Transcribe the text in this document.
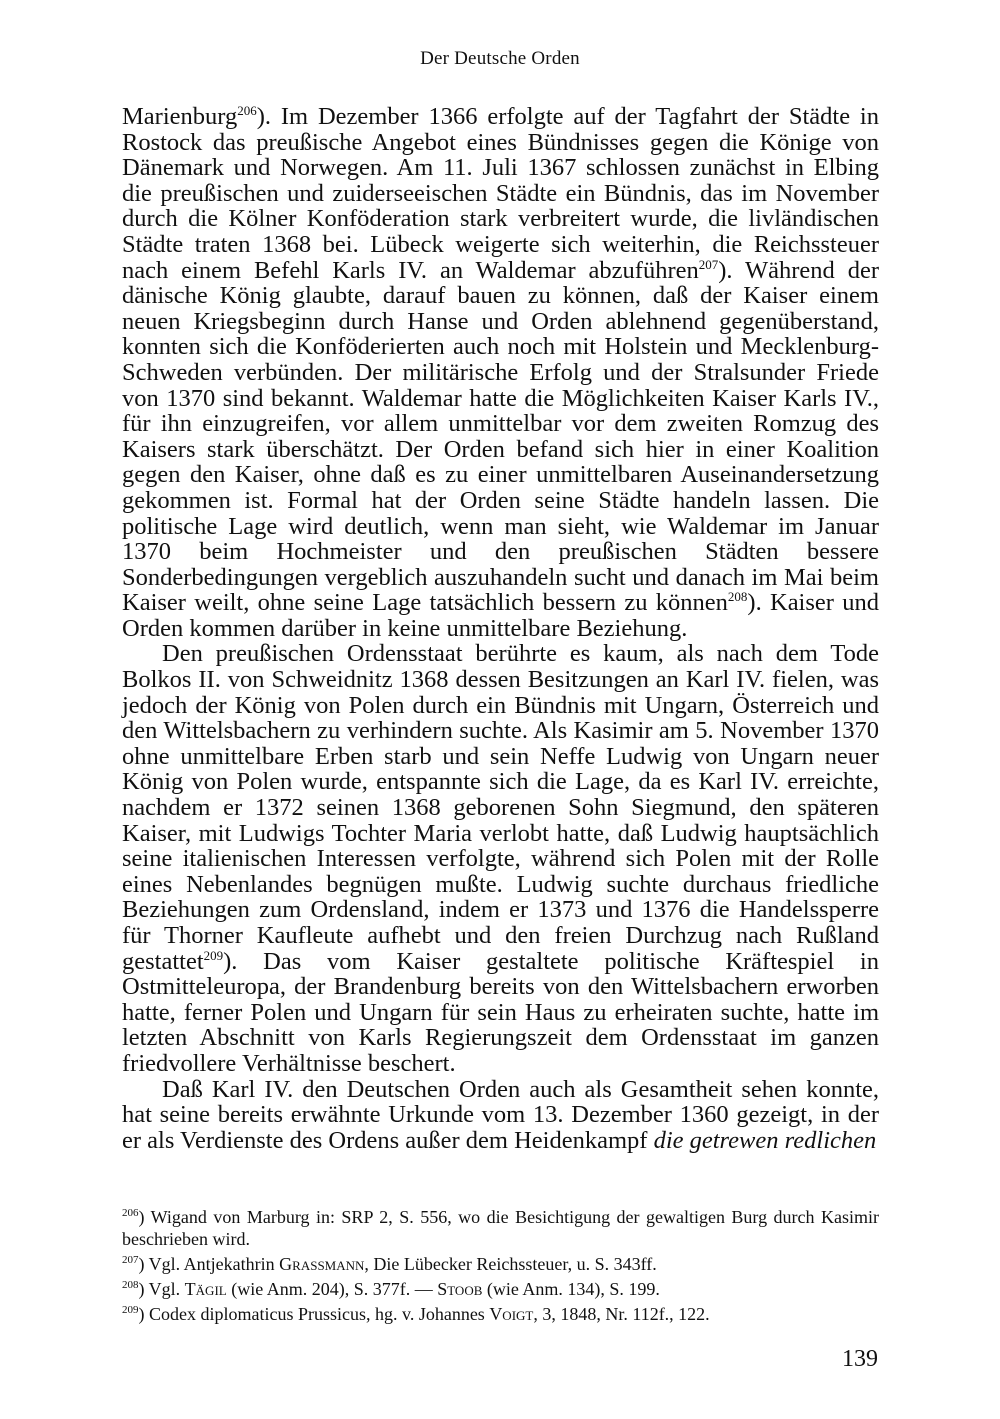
Der Deutsche Orden

Marienburg$^{206}$). Im Dezember 1366 erfolgte auf der Tagfahrt der Städte in Rostock das preußische Angebot eines Bündnisses gegen die Könige von Dänemark und Norwegen. Am 11. Juli 1367 schlossen zunächst in Elbing die preußischen und zuiderseeischen Städte ein Bündnis, das im November durch die Kölner Konföderation stark verbreitert wurde, die livländischen Städte traten 1368 bei. Lübeck weigerte sich weiterhin, die Reichssteuer nach einem Befehl Karls IV. an Waldemar abzuführen$^{207}$). Während der dänische König glaubte, darauf bauen zu können, daß der Kaiser einem neuen Kriegsbeginn durch Hanse und Orden ablehnend gegenüberstand, konnten sich die Konföderierten auch noch mit Holstein und Mecklenburg-Schweden verbünden. Der militärische Erfolg und der Stralsunder Friede von 1370 sind bekannt. Waldemar hatte die Möglichkeiten Kaiser Karls IV., für ihn einzugreifen, vor allem unmittelbar vor dem zweiten Romzug des Kaisers stark überschätzt. Der Orden befand sich hier in einer Koalition gegen den Kaiser, ohne daß es zu einer unmittelbaren Auseinandersetzung gekommen ist. Formal hat der Orden seine Städte handeln lassen. Die politische Lage wird deutlich, wenn man sieht, wie Waldemar im Januar 1370 beim Hochmeister und den preußischen Städten bessere Sonderbedingungen vergeblich auszuhandeln sucht und danach im Mai beim Kaiser weilt, ohne seine Lage tatsächlich bessern zu können$^{208}$). Kaiser und Orden kommen darüber in keine unmittelbare Beziehung.

Den preußischen Ordensstaat berührte es kaum, als nach dem Tode Bolkos II. von Schweidnitz 1368 dessen Besitzungen an Karl IV. fielen, was jedoch der König von Polen durch ein Bündnis mit Ungarn, Österreich und den Wittelsbachern zu verhindern suchte. Als Kasimir am 5. November 1370 ohne unmittelbare Erben starb und sein Neffe Ludwig von Ungarn neuer König von Polen wurde, entspannte sich die Lage, da es Karl IV. erreichte, nachdem er 1372 seinen 1368 geborenen Sohn Siegmund, den späteren Kaiser, mit Ludwigs Tochter Maria verlobt hatte, daß Ludwig hauptsächlich seine italienischen Interessen verfolgte, während sich Polen mit der Rolle eines Nebenlandes begnügen mußte. Ludwig suchte durchaus friedliche Beziehungen zum Ordensland, indem er 1373 und 1376 die Handelssperre für Thorner Kaufleute aufhebt und den freien Durchzug nach Rußland gestattet$^{209}$). Das vom Kaiser gestaltete politische Kräftespiel in Ostmitteleuropa, der Brandenburg bereits von den Wittelsbachern erworben hatte, ferner Polen und Ungarn für sein Haus zu erheiraten suchte, hatte im letzten Abschnitt von Karls Regierungszeit dem Ordensstaat im ganzen friedvollere Verhältnisse beschert.

Daß Karl IV. den Deutschen Orden auch als Gesamtheit sehen konnte, hat seine bereits erwähnte Urkunde vom 13. Dezember 1360 gezeigt, in der er als Verdienste des Ordens außer dem Heidenkampf die getrewen redlichen

$^{206}$) Wigand von Marburg in: SRP 2, S. 556, wo die Besichtigung der gewaltigen Burg durch Kasimir beschrieben wird.

$^{207}$) Vgl. Antjekathrin Grassmann, Die Lübecker Reichssteuer, u. S. 343ff.

$^{208}$) Vgl. Tägil (wie Anm. 204), S. 377f. — Stoob (wie Anm. 134), S. 199.

$^{209}$) Codex diplomaticus Prussicus, hg. v. Johannes Voigt, 3, 1848, Nr. 112f., 122.

139
